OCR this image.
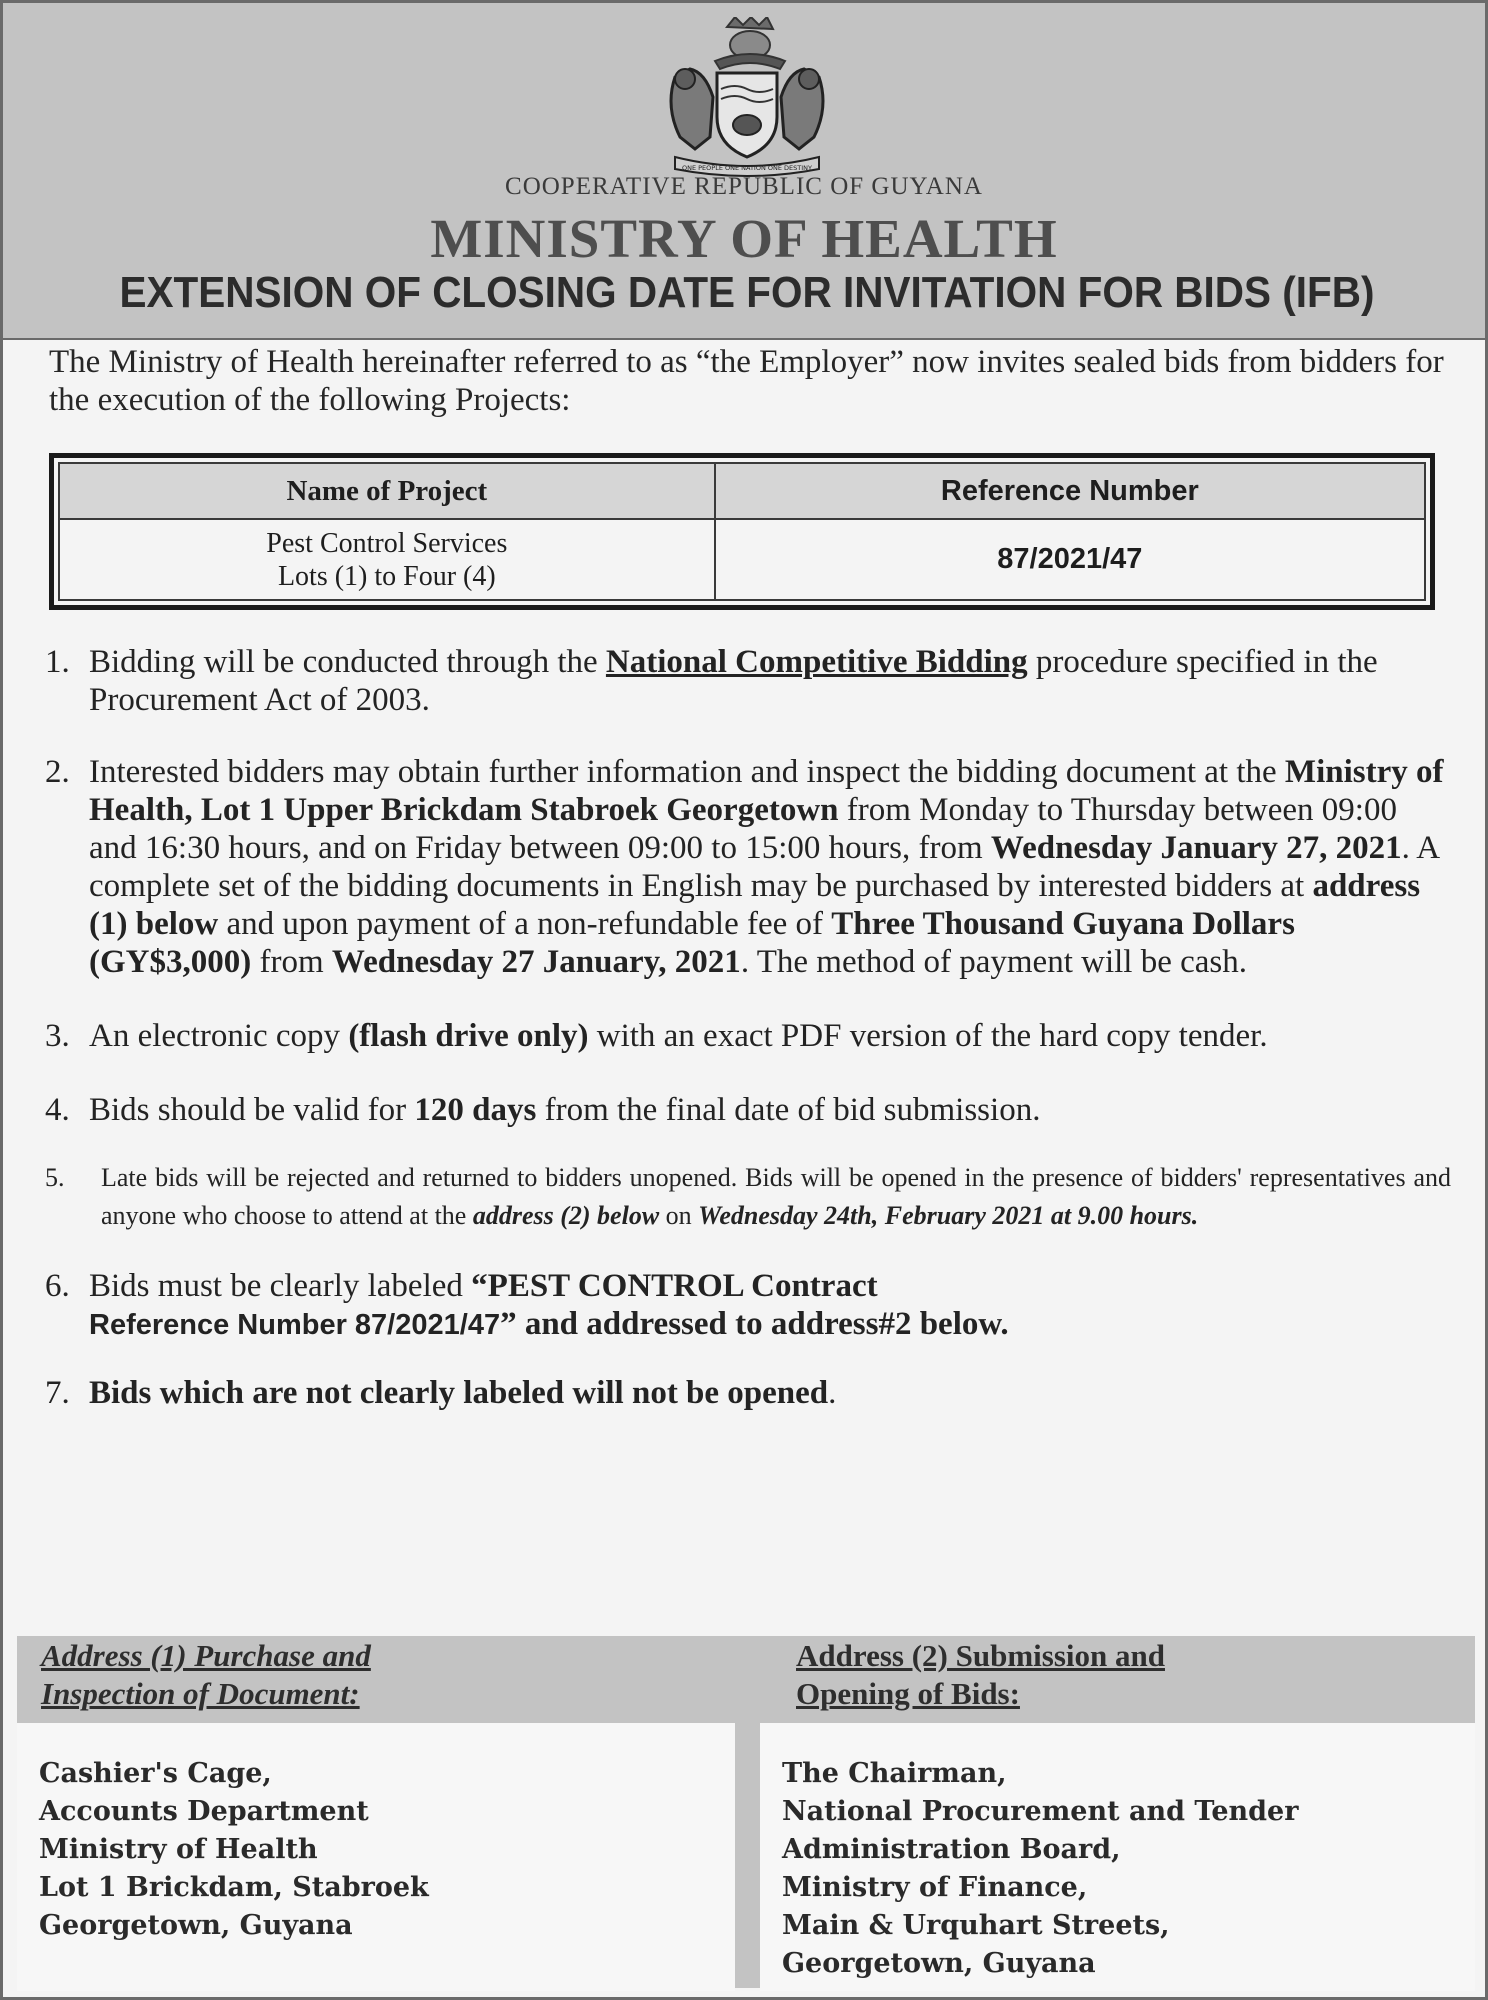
ONE PEOPLE ONE NATION ONE DESTINY
COOPERATIVE REPUBLIC OF GUYANA
MINISTRY OF HEALTH
EXTENSION OF CLOSING DATE FOR INVITATION FOR BIDS (IFB)
The Ministry of Health hereinafter referred to as “the Employer” now invites sealed bids from bidders for the execution of the following Projects:
Name of Project	Reference Number

Pest Control Services
Lots (1) to Four (4)	87/2021/47
1. Bidding will be conducted through the National Competitive Bidding procedure specified in the Procurement Act of 2003.
2. Interested bidders may obtain further information and inspect the bidding document at the Ministry of Health, Lot 1 Upper Brickdam Stabroek Georgetown from Monday to Thursday between 09:00 and 16:30 hours, and on Friday between 09:00 to 15:00 hours, from Wednesday January 27, 2021. A complete set of the bidding documents in English may be purchased by interested bidders at address (1) below and upon payment of a non-refundable fee of Three Thousand Guyana Dollars (GY$3,000) from Wednesday 27 January, 2021. The method of payment will be cash.
3. An electronic copy (flash drive only) with an exact PDF version of the hard copy tender.
4. Bids should be valid for 120 days from the final date of bid submission.
5. Late bids will be rejected and returned to bidders unopened. Bids will be opened in the presence of bidders' representatives and anyone who choose to attend at the address (2) below on Wednesday 24th, February 2021 at 9.00 hours.
6. Bids must be clearly labeled “PEST CONTROL Contract
Reference Number 87/2021/47” and addressed to address#2 below.
7. Bids which are not clearly labeled will not be opened.
Address (1) Purchase and
Inspection of Document:
Address (2) Submission and
Opening of Bids:
Cashier's Cage,
Accounts Department
Ministry of Health
Lot 1 Brickdam, Stabroek
Georgetown, Guyana
The Chairman,
National Procurement and Tender
Administration Board,
Ministry of Finance,
Main & Urquhart Streets,
Georgetown, Guyana
